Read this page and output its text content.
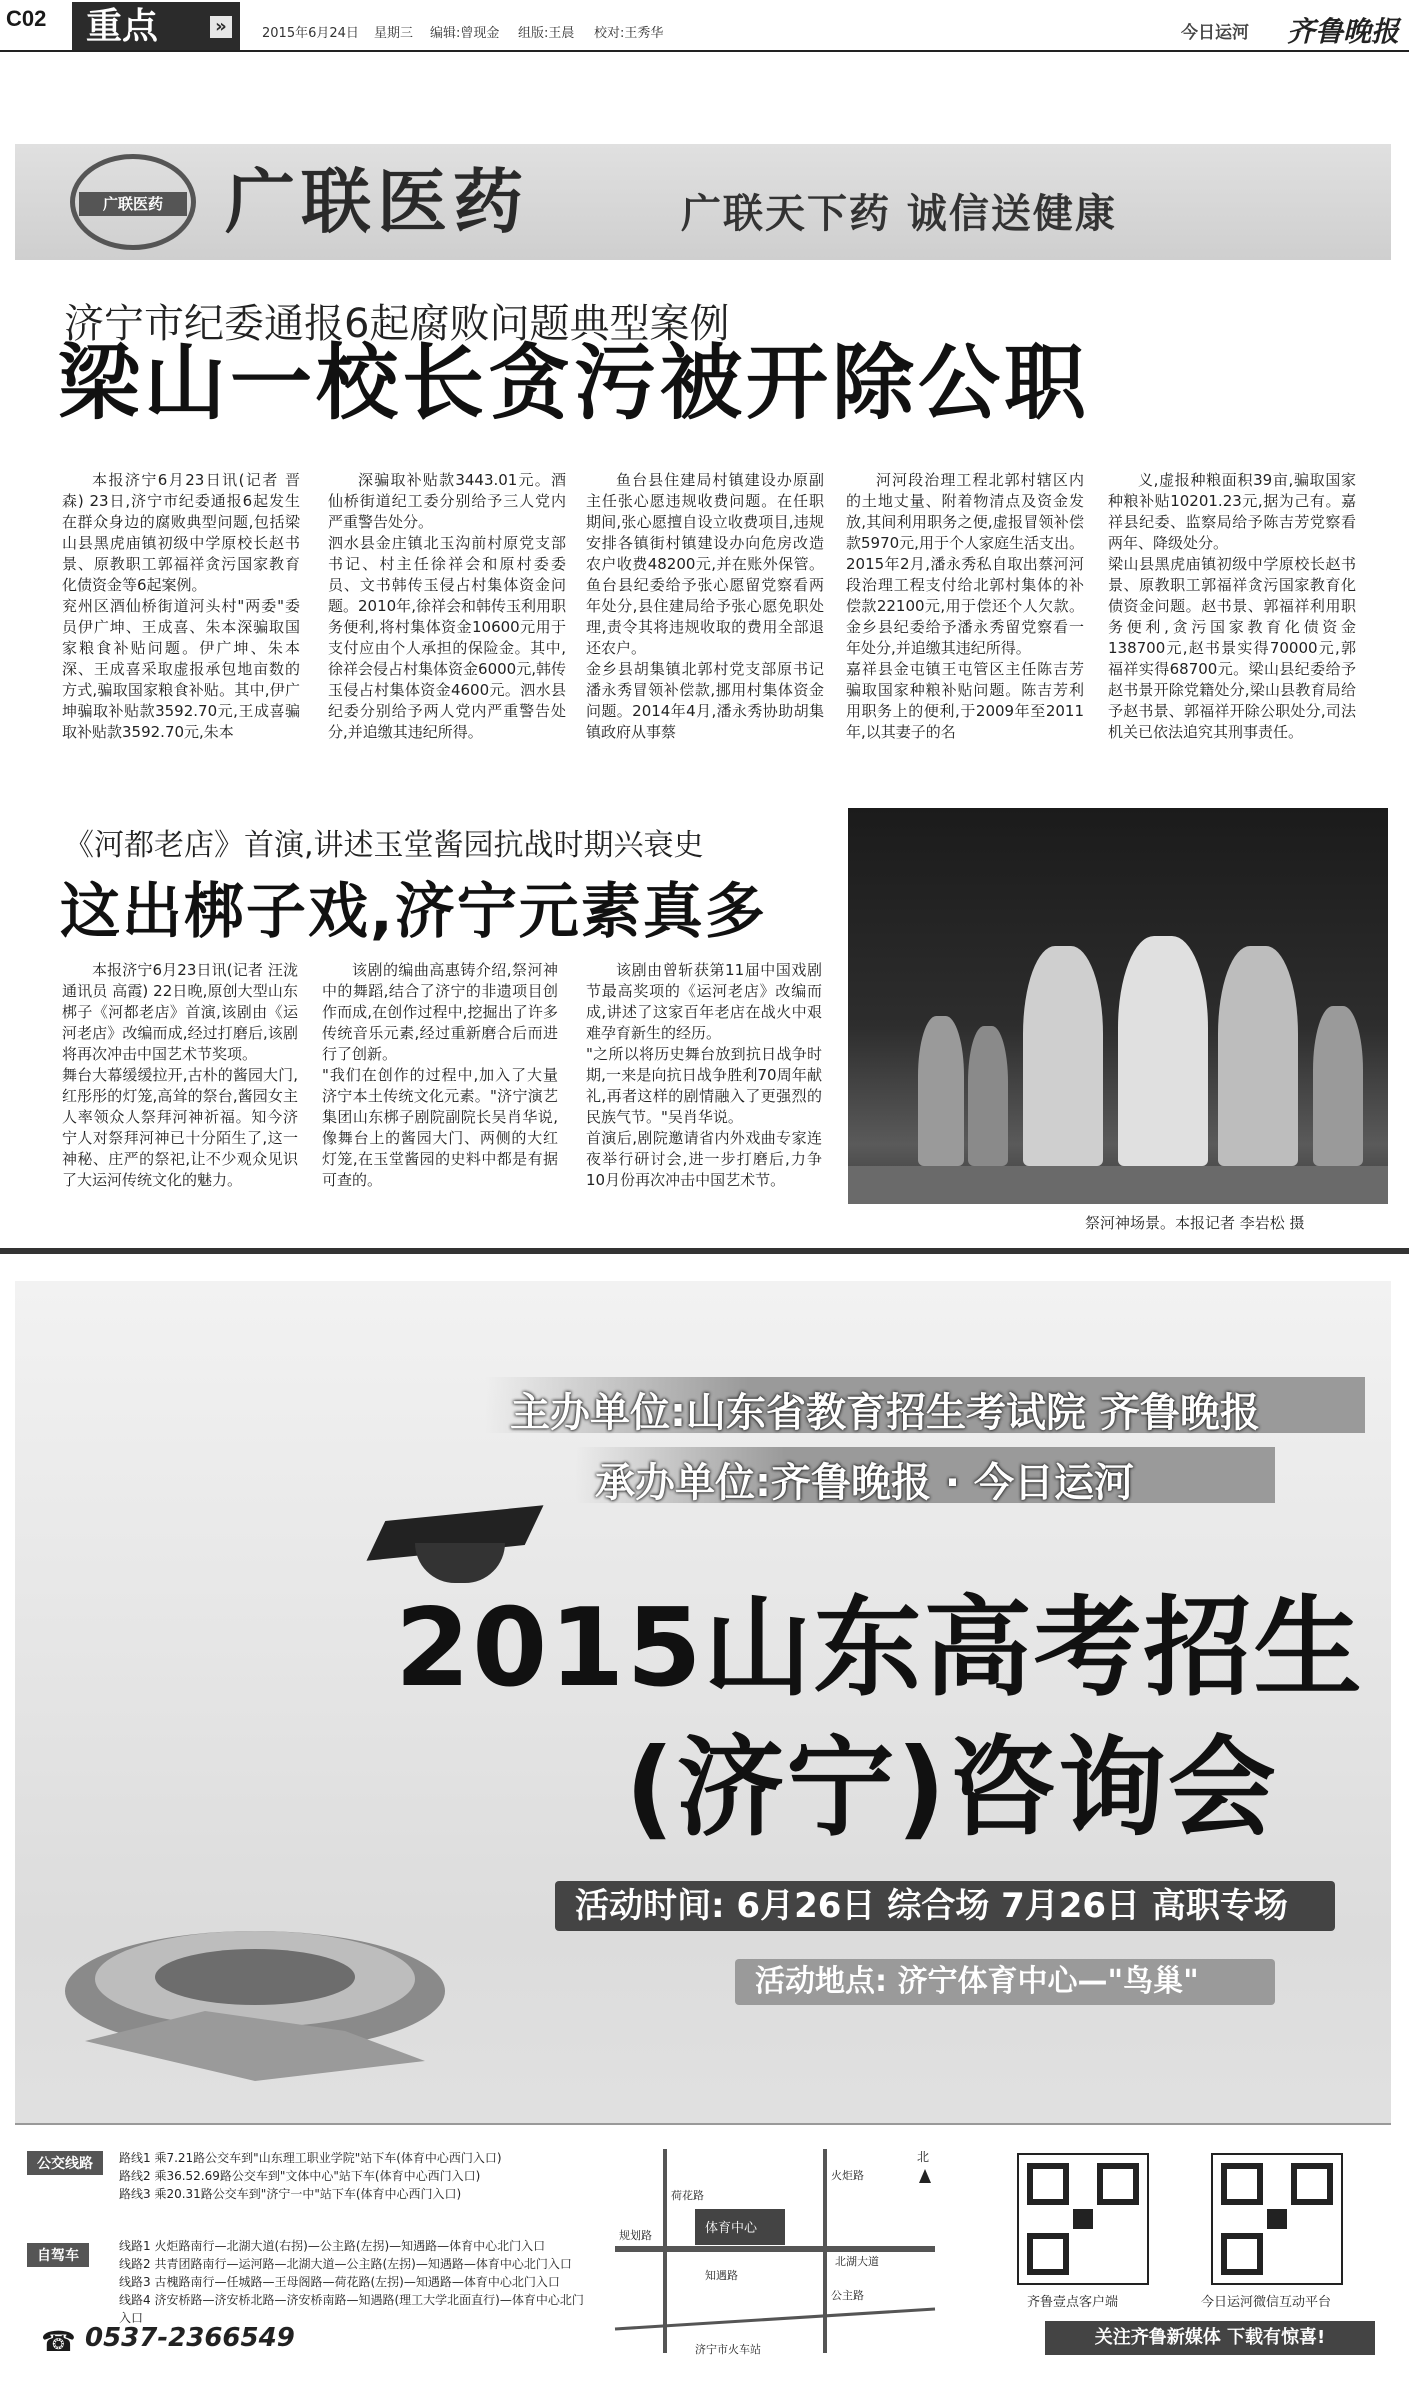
C02	重点	»	2015年6月24日 星期三 编辑:曾现金 组版:王晨 校对:王秀华	今日运河 齐鲁晚报
广联医药 广联医药	广联天下药 诚信送健康
济宁市纪委通报6起腐败问题典型案例
梁山一校长贪污被开除公职

本报济宁6月23日讯(记者 晋森) 23日,济宁市纪委通报6起发生在群众身边的腐败典型问题,包括梁山县黑虎庙镇初级中学原校长赵书景、原教职工郭福祥贪污国家教育化债资金等6起案例。
兖州区酒仙桥街道河头村"两委"委员伊广坤、王成喜、朱本深骗取国家粮食补贴问题。伊广坤、朱本深、王成喜采取虚报承包地亩数的方式,骗取国家粮食补贴。其中,伊广坤骗取补贴款3592.70元,王成喜骗取补贴款3592.70元,朱本

深骗取补贴款3443.01元。酒仙桥街道纪工委分别给予三人党内严重警告处分。
泗水县金庄镇北玉沟前村原党支部书记、村主任徐祥会和原村委委员、文书韩传玉侵占村集体资金问题。2010年,徐祥会和韩传玉利用职务便利,将村集体资金10600元用于支付应由个人承担的保险金。其中,徐祥会侵占村集体资金6000元,韩传玉侵占村集体资金4600元。泗水县纪委分别给予两人党内严重警告处分,并追缴其违纪所得。

鱼台县住建局村镇建设办原副主任张心愿违规收费问题。在任职期间,张心愿擅自设立收费项目,违规安排各镇街村镇建设办向危房改造农户收费48200元,并在账外保管。鱼台县纪委给予张心愿留党察看两年处分,县住建局给予张心愿免职处理,责令其将违规收取的费用全部退还农户。
金乡县胡集镇北郭村党支部原书记潘永秀冒领补偿款,挪用村集体资金问题。2014年4月,潘永秀协助胡集镇政府从事蔡

河河段治理工程北郭村辖区内的土地丈量、附着物清点及资金发放,其间利用职务之便,虚报冒领补偿款5970元,用于个人家庭生活支出。2015年2月,潘永秀私自取出蔡河河段治理工程支付给北郭村集体的补偿款22100元,用于偿还个人欠款。金乡县纪委给予潘永秀留党察看一年处分,并追缴其违纪所得。
嘉祥县金屯镇王屯管区主任陈吉芳骗取国家种粮补贴问题。陈吉芳利用职务上的便利,于2009年至2011年,以其妻子的名

义,虚报种粮面积39亩,骗取国家种粮补贴10201.23元,据为己有。嘉祥县纪委、监察局给予陈吉芳党察看两年、降级处分。
梁山县黑虎庙镇初级中学原校长赵书景、原教职工郭福祥贪污国家教育化债资金问题。赵书景、郭福祥利用职务便利,贪污国家教育化债资金138700元,赵书景实得70000元,郭福祥实得68700元。梁山县纪委给予赵书景开除党籍处分,梁山县教育局给予赵书景、郭福祥开除公职处分,司法机关已依法追究其刑事责任。

《河都老店》首演,讲述玉堂酱园抗战时期兴衰史
这出梆子戏,济宁元素真多

本报济宁6月23日讯(记者 汪泷 通讯员 高霞) 22日晚,原创大型山东梆子《河都老店》首演,该剧由《运河老店》改编而成,经过打磨后,该剧将再次冲击中国艺术节奖项。
舞台大幕缓缓拉开,古朴的酱园大门,红彤彤的灯笼,高耸的祭台,酱园女主人率领众人祭拜河神祈福。知今济宁人对祭拜河神已十分陌生了,这一神秘、庄严的祭祀,让不少观众见识了大运河传统文化的魅力。

该剧的编曲高惠铸介绍,祭河神中的舞蹈,结合了济宁的非遗项目创作而成,在创作过程中,挖掘出了许多传统音乐元素,经过重新磨合后而进行了创新。
"我们在创作的过程中,加入了大量济宁本土传统文化元素。"济宁演艺集团山东梆子剧院副院长吴肖华说,像舞台上的酱园大门、两侧的大红灯笼,在玉堂酱园的史料中都是有据可查的。

该剧由曾斩获第11届中国戏剧节最高奖项的《运河老店》改编而成,讲述了这家百年老店在战火中艰难孕育新生的经历。
"之所以将历史舞台放到抗日战争时期,一来是向抗日战争胜利70周年献礼,再者这样的剧情融入了更强烈的民族气节。"吴肖华说。
首演后,剧院邀请省内外戏曲专家连夜举行研讨会,进一步打磨后,力争10月份再次冲击中国艺术节。

祭河神场景。本报记者 李岩松 摄
主办单位:山东省教育招生考试院 齐鲁晚报
承办单位:齐鲁晚报 · 今日运河
2015山东高考招生
(济宁)咨询会
活动时间: 6月26日 综合场 7月26日 高职专场
活动地点: 济宁体育中心—"鸟巢"
公交线路	路线1 乘7.21路公交车到"山东理工职业学院"站下车(体育中心西门入口)
路线2 乘36.52.69路公交车到"文体中心"站下车(体育中心西门入口)
路线3 乘20.31路公交车到"济宁一中"站下车(体育中心西门入口)
自驾车
线路1 火炬路南行—北湖大道(右拐)—公主路(左拐)—知遇路—体育中心北门入口
线路2 共青团路南行—运河路—北湖大道—公主路(左拐)—知遇路—体育中心北门入口
线路3 古槐路南行—任城路—王母阁路—荷花路(左拐)—知遇路—体育中心北门入口
线路4 济安桥路—济安桥北路—济安桥南路—知遇路(理工大学北面直行)—体育中心北门入口
0537-2366549
☎
体育中心
北湖大道
荷花路
火炬路
济宁市火车站
北
规划路
知遇路
公主路	齐鲁壹点客户端	今日运河微信互动平台
关注齐鲁新媒体 下载有惊喜!
